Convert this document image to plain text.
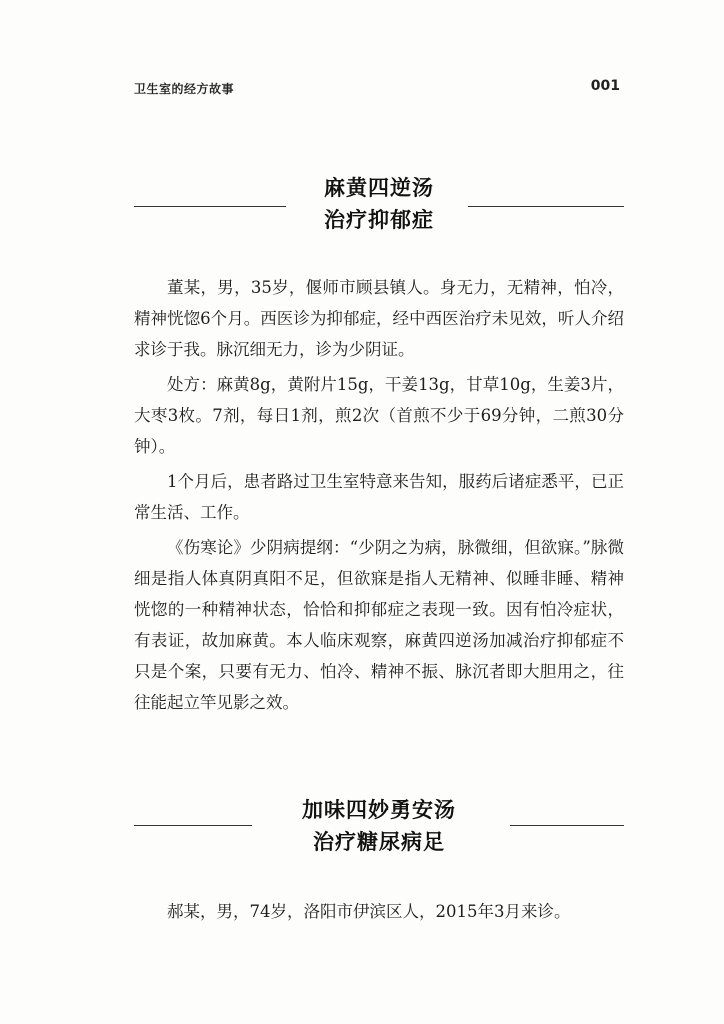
卫生室的经方故事	001
麻黄四逆汤
治疗抑郁症

董某，男，35岁，偃师市顾县镇人。身无力，无精神，怕冷，精神恍惚6个月。西医诊为抑郁症，经中西医治疗未见效，听人介绍求诊于我。脉沉细无力，诊为少阴证。

处方：麻黄8g，黄附片15g，干姜13g，甘草10g，生姜3片，大枣3枚。7剂，每日1剂，煎2次（首煎不少于69分钟，二煎30分钟）。

1个月后，患者路过卫生室特意来告知，服药后诸症悉平，已正常生活、工作。

《伤寒论》少阴病提纲：“少阴之为病，脉微细，但欲寐。”脉微细是指人体真阴真阳不足，但欲寐是指人无精神、似睡非睡、精神恍惚的一种精神状态，恰恰和抑郁症之表现一致。因有怕冷症状，有表证，故加麻黄。本人临床观察，麻黄四逆汤加减治疗抑郁症不只是个案，只要有无力、怕冷、精神不振、脉沉者即大胆用之，往往能起立竿见影之效。

加味四妙勇安汤
治疗糖尿病足

郝某，男，74岁，洛阳市伊滨区人，2015年3月来诊。
